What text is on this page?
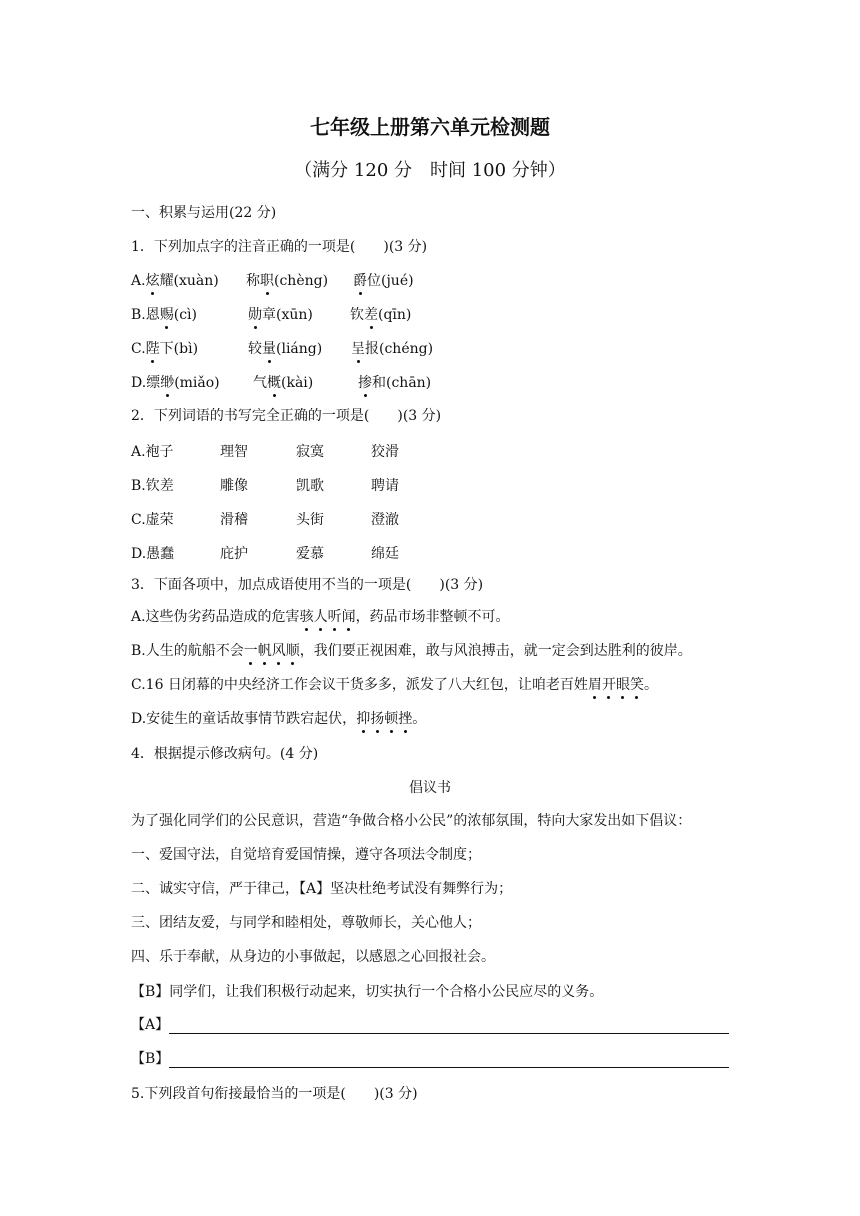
七年级上册第六单元检测题
（满分 120 分　时间 100 分钟）
一、积累与运用(22 分)
1．下列加点字的注音正确的一项是(　　)(3 分)
A.炫耀(xuàn) 称职(chèng) 爵位(jué)
B.恩赐(cì)	勋章(xūn)	钦差(qīn)
C.陛下(bì)	较量(liáng) 呈报(chéng)
D.缥缈(miǎo) 气概(kài)	掺和(chān)
2．下列词语的书写完全正确的一项是(　　)(3 分)
A.袍子	理智	寂寞	狡滑
B.钦差	雕像	凯歌	聘请
C.虚荣	滑稽	头街	澄澈
D.愚蠢	庇护	爱慕	绵廷
3．下面各项中，加点成语使用不当的一项是(　　)(3 分)
A.这些伪劣药品造成的危害骇人听闻，药品市场非整顿不可。
B.人生的航船不会一帆风顺，我们要正视困难，敢与风浪搏击，就一定会到达胜利的彼岸。
C.16 日闭幕的中央经济工作会议干货多多，派发了八大红包，让咱老百姓眉开眼笑。
D.安徒生的童话故事情节跌宕起伏，抑扬顿挫。
4．根据提示修改病句。(4 分)
倡议书
为了强化同学们的公民意识，营造“争做合格小公民”的浓郁氛围，特向大家发出如下倡议：
一、爱国守法，自觉培育爱国情操，遵守各项法令制度；
二、诚实守信，严于律己，【A】坚决杜绝考试没有舞弊行为；
三、团结友爱，与同学和睦相处，尊敬师长，关心他人；
四、乐于奉献，从身边的小事做起，以感恩之心回报社会。
【B】同学们，让我们积极行动起来，切实执行一个合格小公民应尽的义务。
【A】
【B】
5.下列段首句衔接最恰当的一项是(　　)(3 分)
